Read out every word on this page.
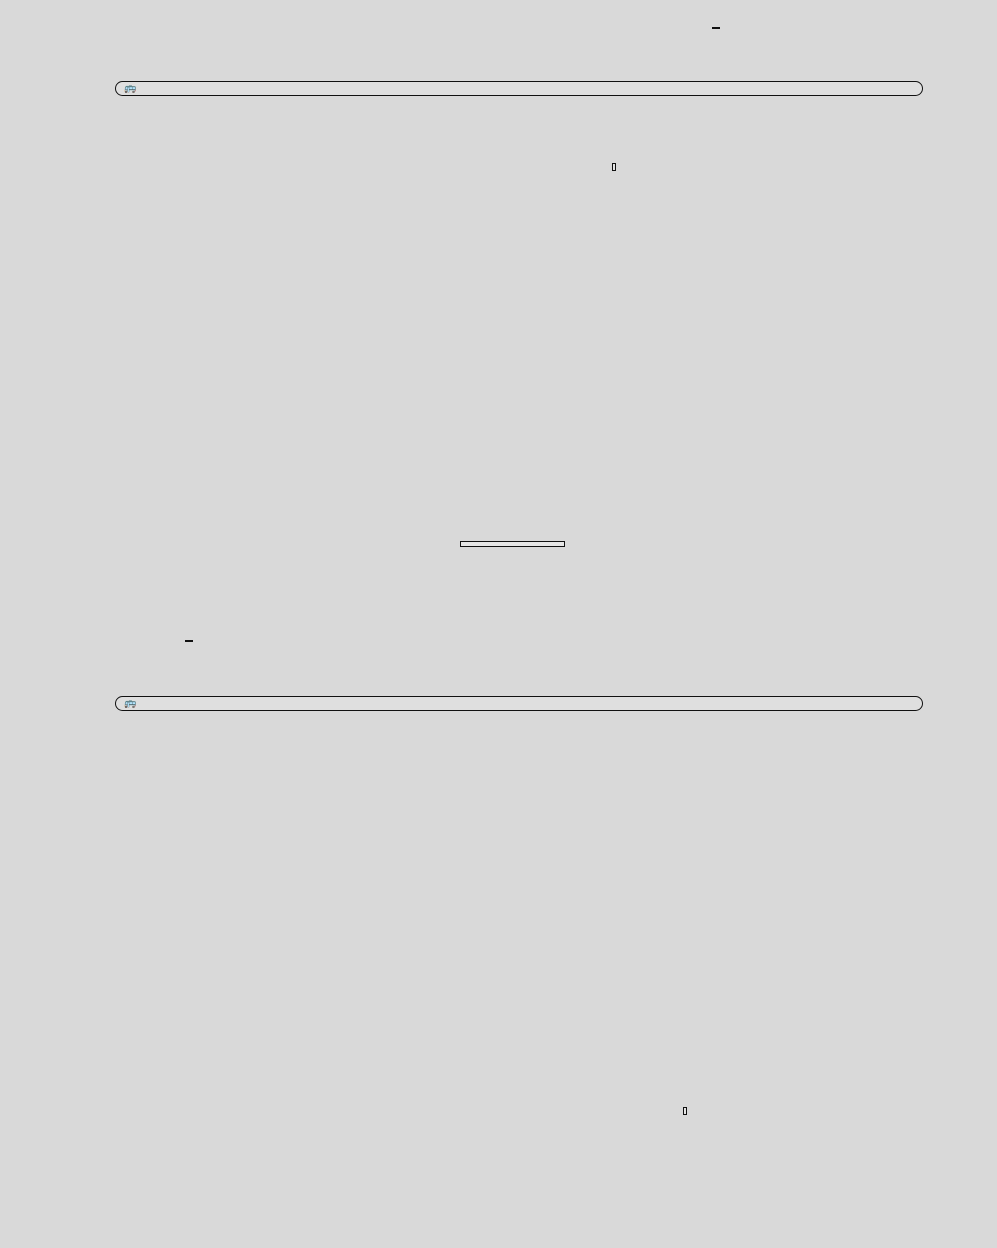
🚌
🚌
